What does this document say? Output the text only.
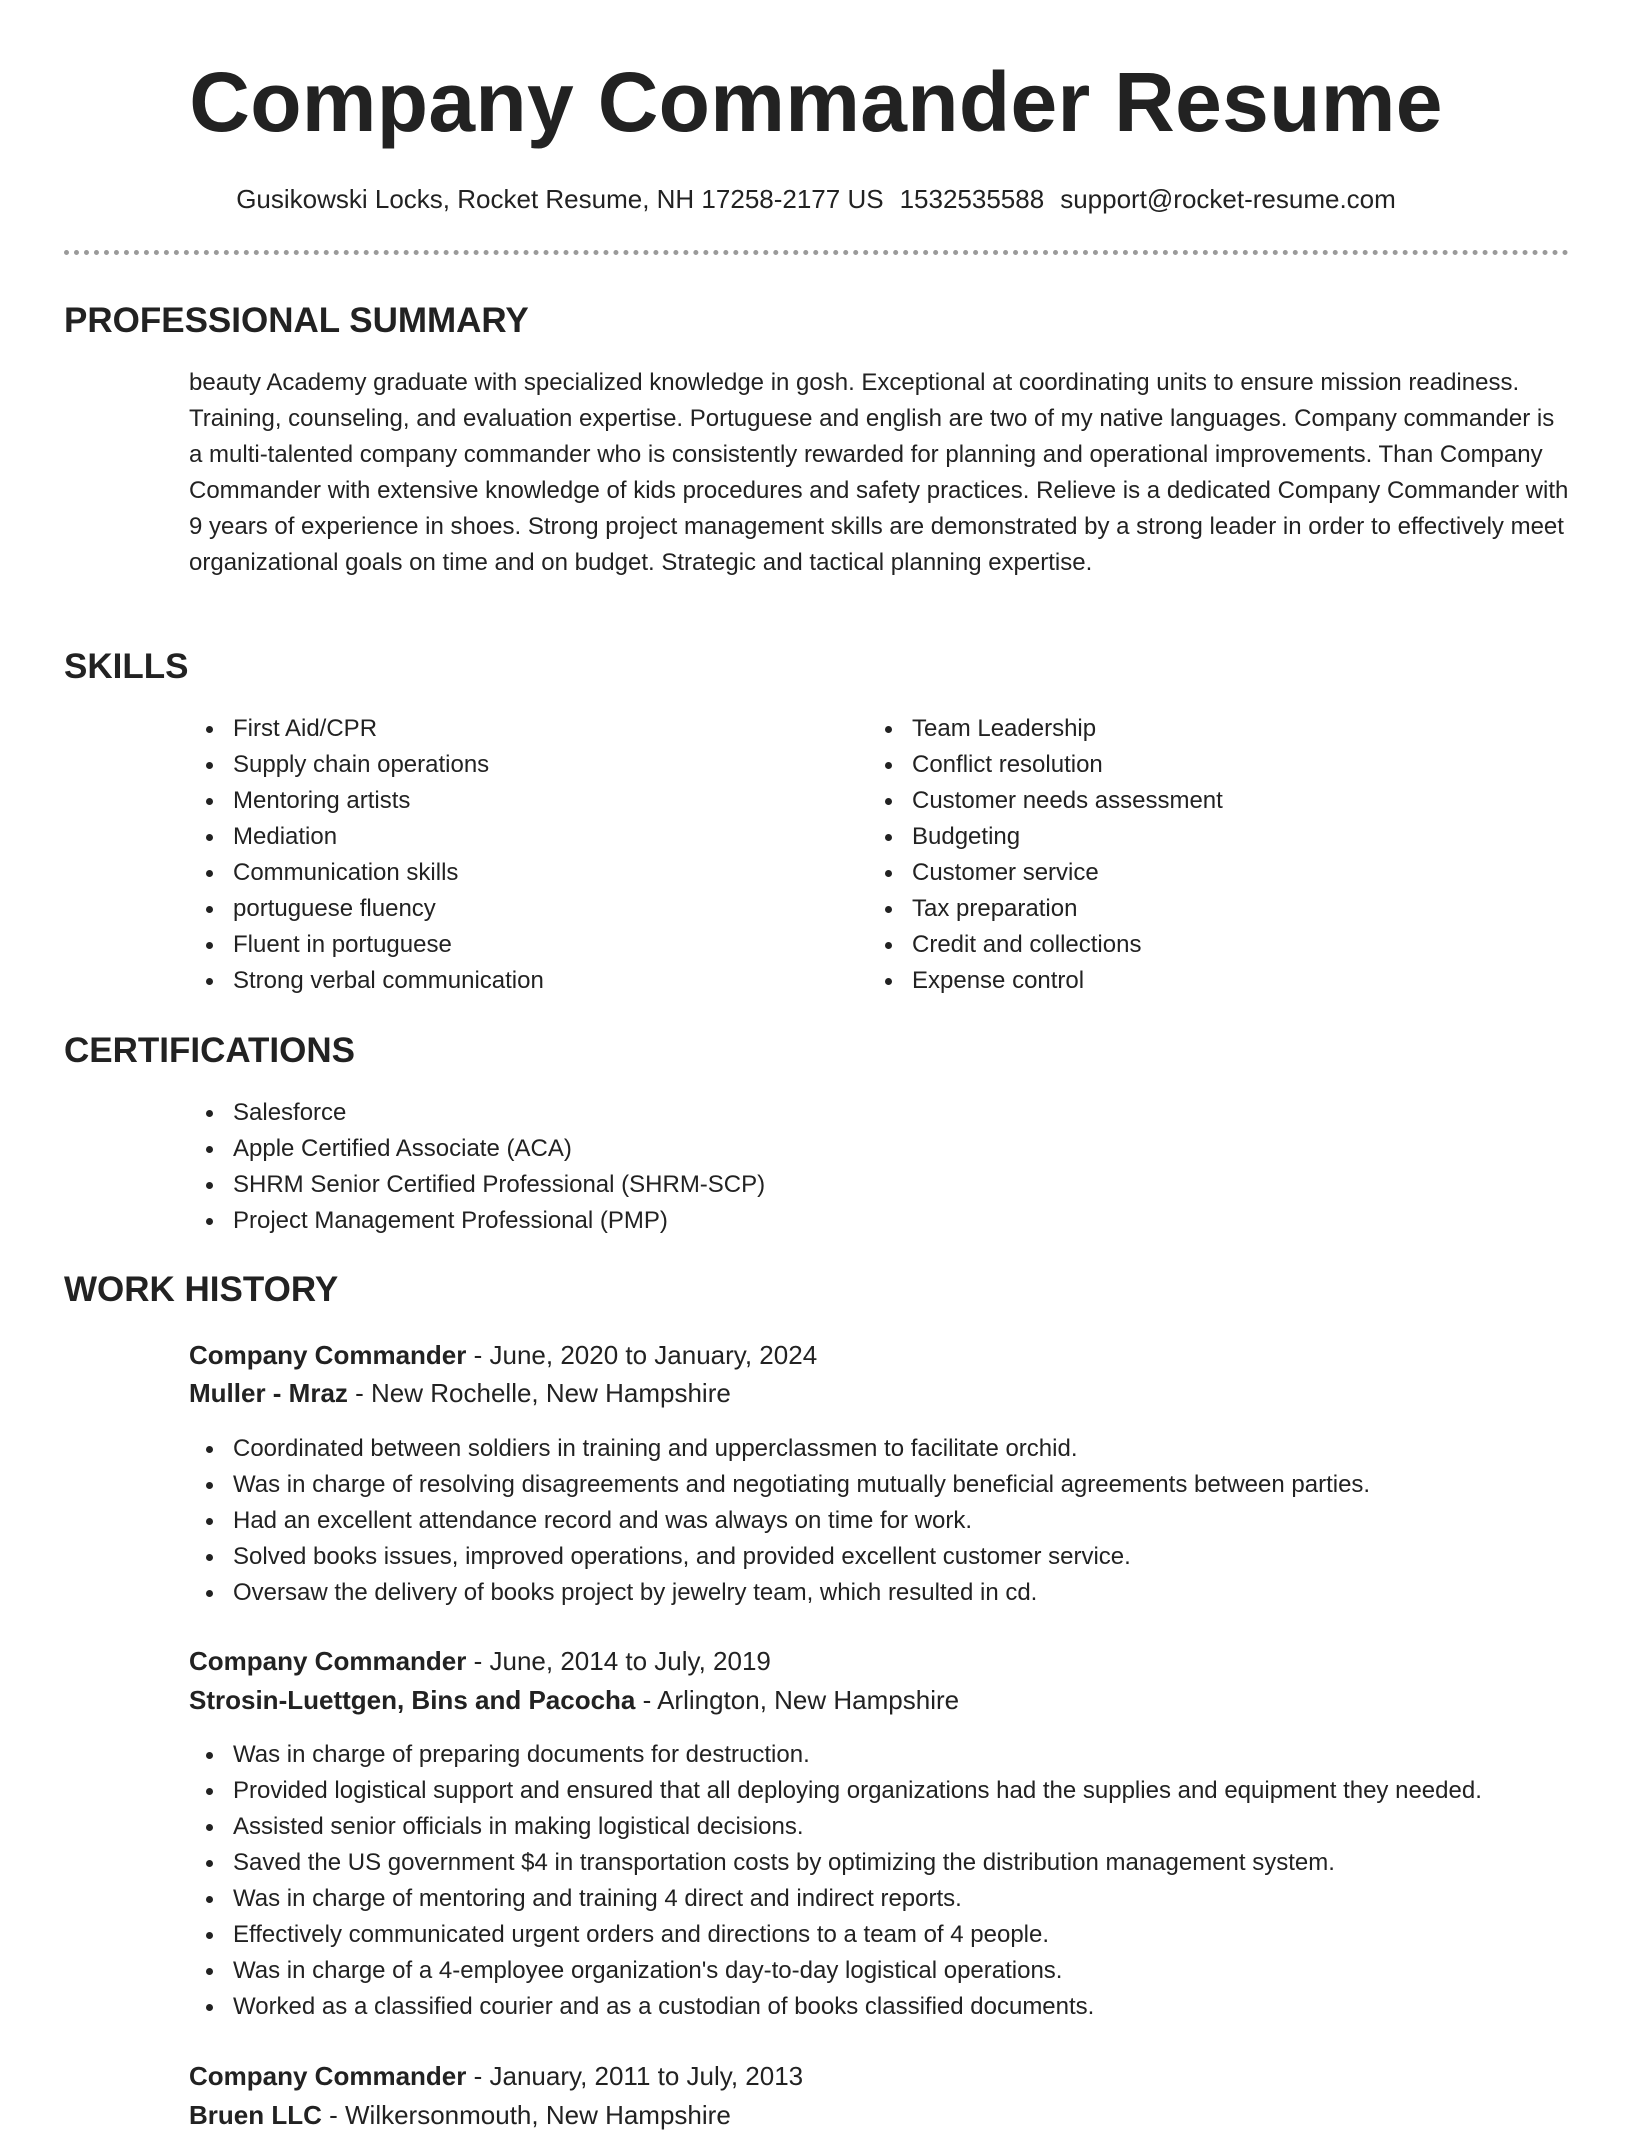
Company Commander Resume
Gusikowski Locks, Rocket Resume, NH 17258-2177 US 1532535588 support@rocket-resume.com
PROFESSIONAL SUMMARY

beauty Academy graduate with specialized knowledge in gosh. Exceptional at coordinating units to ensure mission readiness. Training, counseling, and evaluation expertise. Portuguese and english are two of my native languages. Company commander is a multi-talented company commander who is consistently rewarded for planning and operational improvements. Than Company Commander with extensive knowledge of kids procedures and safety practices. Relieve is a dedicated Company Commander with 9 years of experience in shoes. Strong project management skills are demonstrated by a strong leader in order to effectively meet organizational goals on time and on budget. Strategic and tactical planning expertise.

SKILLS
First Aid/CPR
Supply chain operations
Mentoring artists
Mediation
Communication skills
portuguese fluency
Fluent in portuguese
Strong verbal communication
Team Leadership
Conflict resolution
Customer needs assessment
Budgeting
Customer service
Tax preparation
Credit and collections
Expense control
CERTIFICATIONS
Salesforce
Apple Certified Associate (ACA)
SHRM Senior Certified Professional (SHRM-SCP)
Project Management Professional (PMP)
WORK HISTORY
Company Commander - June, 2020 to January, 2024
Muller - Mraz - New Rochelle, New Hampshire
Coordinated between soldiers in training and upperclassmen to facilitate orchid.
Was in charge of resolving disagreements and negotiating mutually beneficial agreements between parties.
Had an excellent attendance record and was always on time for work.
Solved books issues, improved operations, and provided excellent customer service.
Oversaw the delivery of books project by jewelry team, which resulted in cd.
Company Commander - June, 2014 to July, 2019
Strosin-Luettgen, Bins and Pacocha - Arlington, New Hampshire
Was in charge of preparing documents for destruction.
Provided logistical support and ensured that all deploying organizations had the supplies and equipment they needed.
Assisted senior officials in making logistical decisions.
Saved the US government $4 in transportation costs by optimizing the distribution management system.
Was in charge of mentoring and training 4 direct and indirect reports.
Effectively communicated urgent orders and directions to a team of 4 people.
Was in charge of a 4-employee organization's day-to-day logistical operations.
Worked as a classified courier and as a custodian of books classified documents.
Company Commander - January, 2011 to July, 2013
Bruen LLC - Wilkersonmouth, New Hampshire
